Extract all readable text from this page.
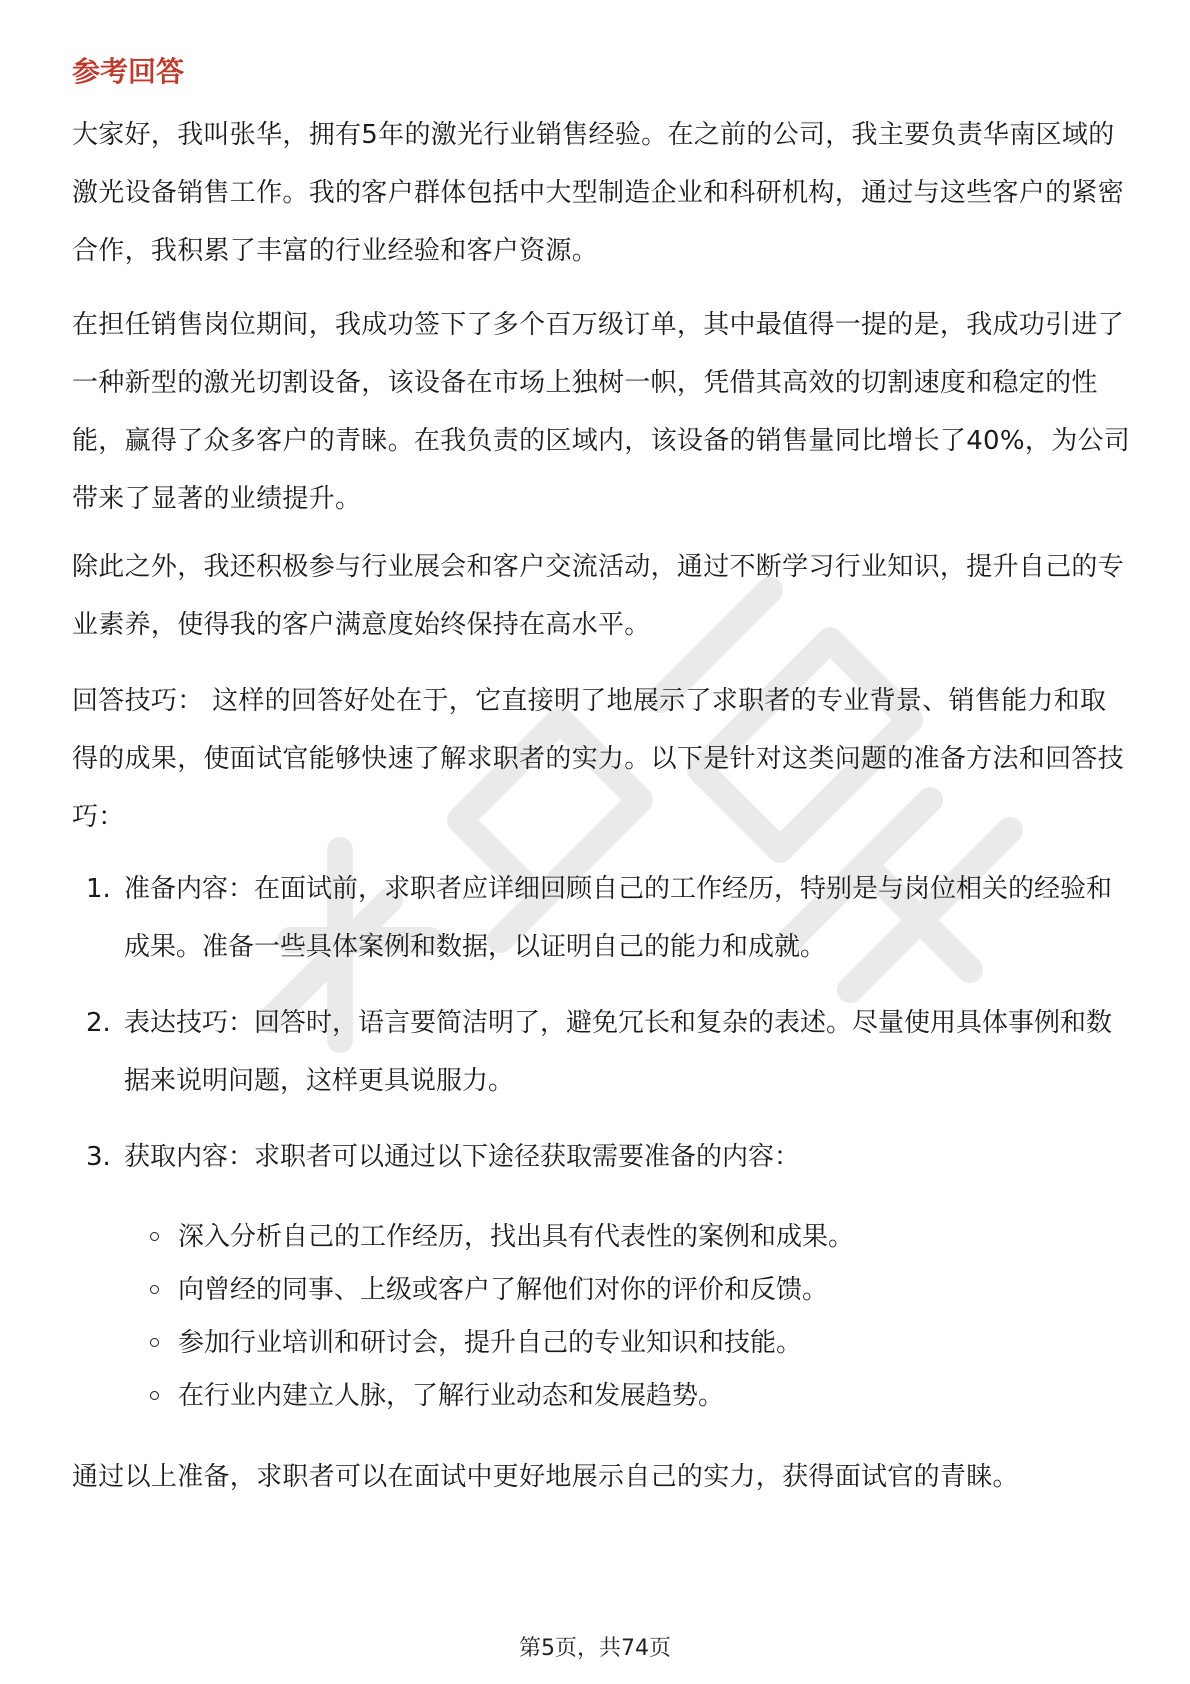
参考回答

大家好，我叫张华，拥有5年的激光行业销售经验。在之前的公司，我主要负责华南区域的激光设备销售工作。我的客户群体包括中大型制造企业和科研机构，通过与这些客户的紧密合作，我积累了丰富的行业经验和客户资源。

在担任销售岗位期间，我成功签下了多个百万级订单，其中最值得一提的是，我成功引进了一种新型的激光切割设备，该设备在市场上独树一帜，凭借其高效的切割速度和稳定的性能，赢得了众多客户的青睐。在我负责的区域内，该设备的销售量同比增长了40%，为公司带来了显著的业绩提升。

除此之外，我还积极参与行业展会和客户交流活动，通过不断学习行业知识，提升自己的专业素养，使得我的客户满意度始终保持在高水平。

回答技巧： 这样的回答好处在于，它直接明了地展示了求职者的专业背景、销售能力和取得的成果，使面试官能够快速了解求职者的实力。以下是针对这类问题的准备方法和回答技巧：

1. 准备内容：在面试前，求职者应详细回顾自己的工作经历，特别是与岗位相关的经验和成果。准备一些具体案例和数据，以证明自己的能力和成就。
2. 表达技巧：回答时，语言要简洁明了，避免冗长和复杂的表述。尽量使用具体事例和数据来说明问题，这样更具说服力。
3. 获取内容：求职者可以通过以下途径获取需要准备的内容：
深入分析自己的工作经历，找出具有代表性的案例和成果。
向曾经的同事、上级或客户了解他们对你的评价和反馈。
参加行业培训和研讨会，提升自己的专业知识和技能。
在行业内建立人脉，了解行业动态和发展趋势。

通过以上准备，求职者可以在面试中更好地展示自己的实力，获得面试官的青睐。

第5页，共74页
